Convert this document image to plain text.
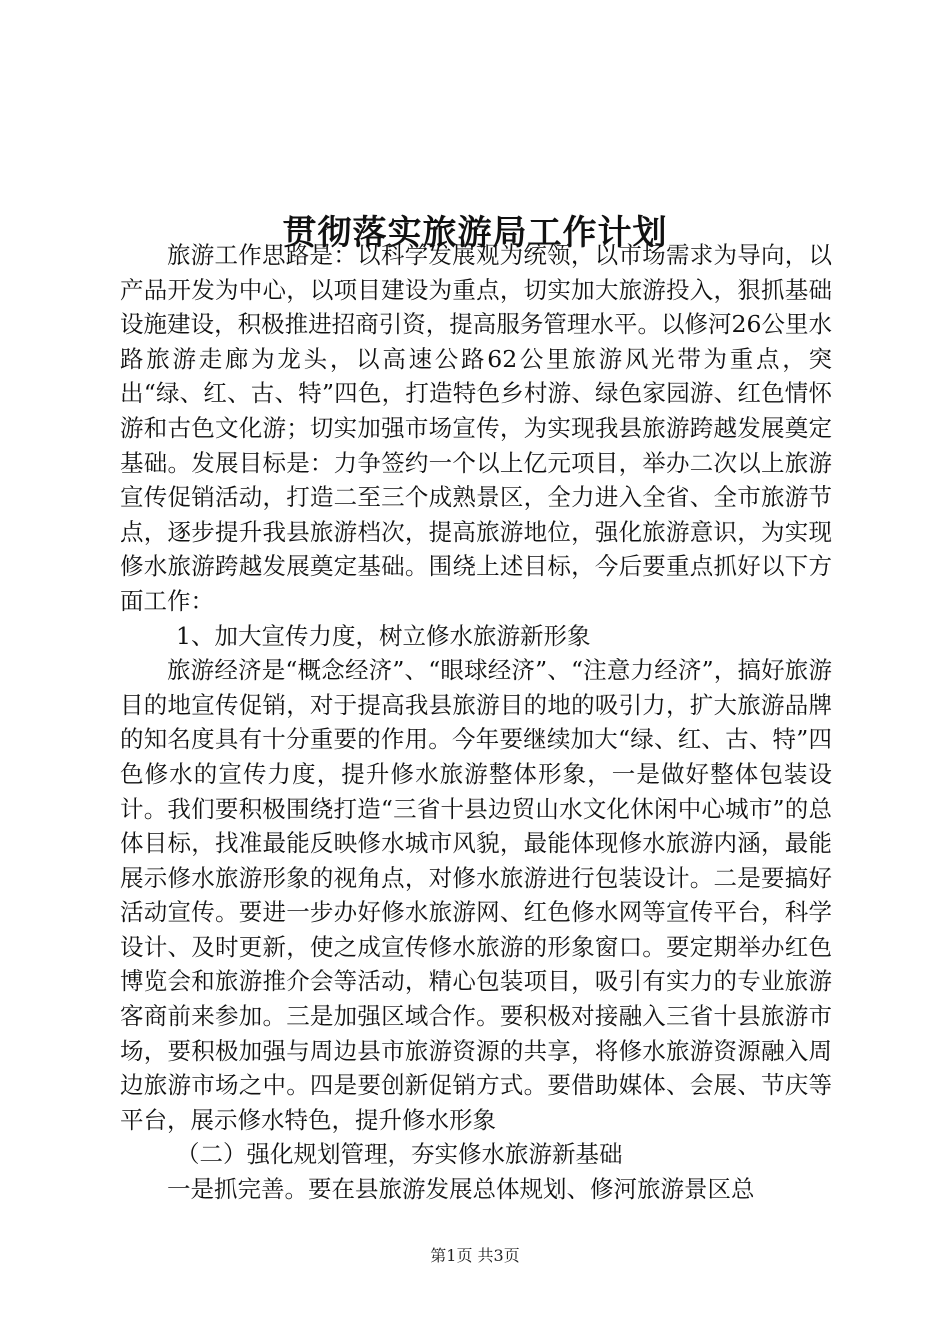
贯彻落实旅游局工作计划

旅游工作思路是：以科学发展观为统领，以市场需求为导向，以产品开发为中心，以项目建设为重点，切实加大旅游投入，狠抓基础设施建设，积极推进招商引资，提高服务管理水平。以修河26公里水路旅游走廊为龙头，以高速公路62公里旅游风光带为重点，突出“绿、红、古、特”四色，打造特色乡村游、绿色家园游、红色情怀游和古色文化游；切实加强市场宣传，为实现我县旅游跨越发展奠定基础。发展目标是：力争签约一个以上亿元项目，举办二次以上旅游宣传促销活动，打造二至三个成熟景区，全力进入全省、全市旅游节点，逐步提升我县旅游档次，提高旅游地位，强化旅游意识，为实现修水旅游跨越发展奠定基础。围绕上述目标，今后要重点抓好以下方面工作：

1、加大宣传力度，树立修水旅游新形象

旅游经济是“概念经济”、“眼球经济”、“注意力经济”，搞好旅游目的地宣传促销，对于提高我县旅游目的地的吸引力，扩大旅游品牌的知名度具有十分重要的作用。今年要继续加大“绿、红、古、特”四色修水的宣传力度，提升修水旅游整体形象，一是做好整体包装设计。我们要积极围绕打造“三省十县边贸山水文化休闲中心城市”的总体目标，找准最能反映修水城市风貌，最能体现修水旅游内涵，最能展示修水旅游形象的视角点，对修水旅游进行包装设计。二是要搞好活动宣传。要进一步办好修水旅游网、红色修水网等宣传平台，科学设计、及时更新，使之成宣传修水旅游的形象窗口。要定期举办红色博览会和旅游推介会等活动，精心包装项目，吸引有实力的专业旅游客商前来参加。三是加强区域合作。要积极对接融入三省十县旅游市场，要积极加强与周边县市旅游资源的共享，将修水旅游资源融入周边旅游市场之中。四是要创新促销方式。要借助媒体、会展、节庆等平台，展示修水特色，提升修水形象

（二）强化规划管理，夯实修水旅游新基础

一是抓完善。要在县旅游发展总体规划、修河旅游景区总

第1页 共3页
